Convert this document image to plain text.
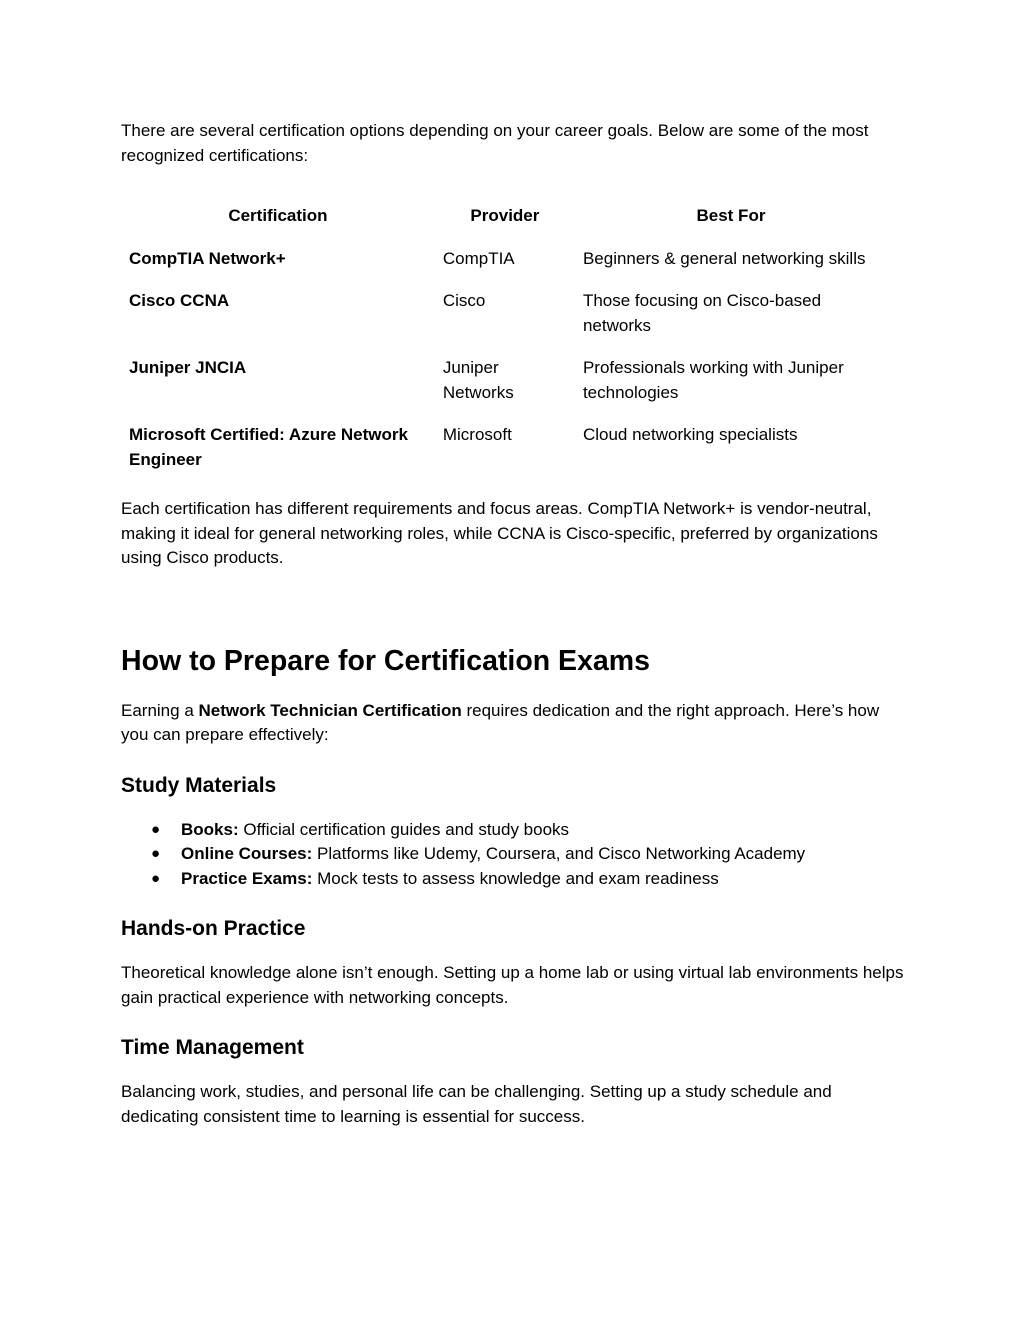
There are several certification options depending on your career goals. Below are some of the most recognized certifications:

Certification	Provider	Best For
CompTIA Network+	CompTIA	Beginners & general networking skills
Cisco CCNA	Cisco	Those focusing on Cisco-based networks
Juniper JNCIA	Juniper Networks	Professionals working with Juniper technologies
Microsoft Certified: Azure Network Engineer	Microsoft	Cloud networking specialists

Each certification has different requirements and focus areas. CompTIA Network+ is vendor-neutral, making it ideal for general networking roles, while CCNA is Cisco-specific, preferred by organizations using Cisco products.

How to Prepare for Certification Exams

Earning a Network Technician Certification requires dedication and the right approach. Here’s how you can prepare effectively:

Study Materials
● Books: Official certification guides and study books
● Online Courses: Platforms like Udemy, Coursera, and Cisco Networking Academy
● Practice Exams: Mock tests to assess knowledge and exam readiness
Hands-on Practice

Theoretical knowledge alone isn’t enough. Setting up a home lab or using virtual lab environments helps gain practical experience with networking concepts.

Time Management

Balancing work, studies, and personal life can be challenging. Setting up a study schedule and dedicating consistent time to learning is essential for success.
